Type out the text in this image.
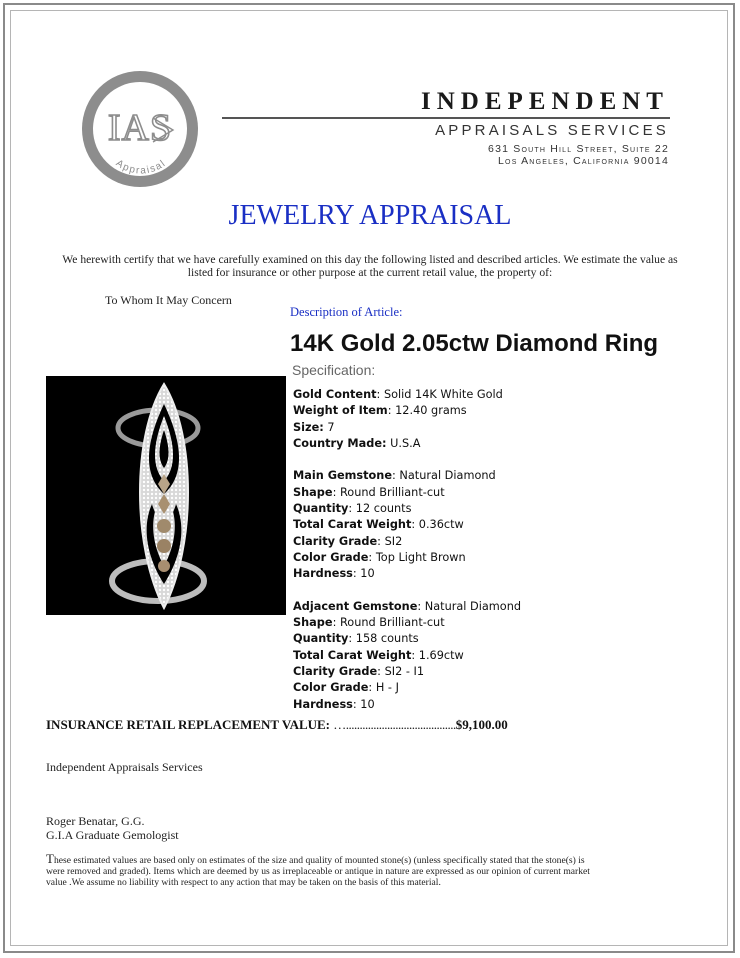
IAS
Appraisal
INDEPENDENT
APPRAISALS SERVICES
631 South Hill Street, Suite 22
Los Angeles, California 90014
JEWELRY APPRAISAL
We herewith certify that we have carefully examined on this day the following listed and described articles. We estimate the value as listed for insurance or other purpose at the current retail value, the property of:
To Whom It May Concern
Description of Article:
14K Gold 2.05ctw Diamond Ring
Specification:
Gold Content: Solid 14K White Gold
Weight of Item: 12.40 grams
Size: 7
Country Made: U.S.A
Main Gemstone: Natural Diamond
Shape: Round Brilliant-cut
Quantity: 12 counts
Total Carat Weight: 0.36ctw
Clarity Grade: SI2
Color Grade: Top Light Brown
Hardness: 10
Adjacent Gemstone: Natural Diamond
Shape: Round Brilliant-cut
Quantity: 158 counts
Total Carat Weight: 1.69ctw
Clarity Grade: SI2 - I1
Color Grade: H - J
Hardness: 10
INSURANCE RETAIL REPLACEMENT VALUE: …........................................$9,100.00
Independent Appraisals Services
Roger Benatar, G.G.
G.I.A Graduate Gemologist
These estimated values are based only on estimates of the size and quality of mounted stone(s) (unless specifically stated that the stone(s) is were removed and graded). Items which are deemed by us as irreplaceable or antique in nature are expressed as our opinion of current market value .We assume no liability with respect to any action that may be taken on the basis of this material.
